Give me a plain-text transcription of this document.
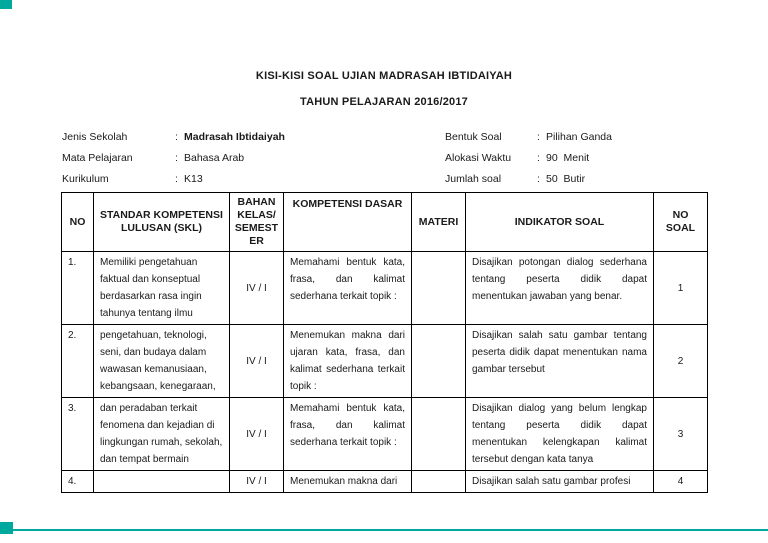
KISI-KISI SOAL UJIAN MADRASAH IBTIDAIYAH
TAHUN PELAJARAN 2016/2017
Jenis Sekolah	: Madrasah Ibtidaiyah
Mata Pelajaran	: Bahasa Arab
Kurikulum	: K13
Bentuk Soal	: Pilihan Ganda
Alokasi Waktu : 90  Menit
Jumlah soal	: 50  Butir
NO	STANDAR KOMPETENSI LULUSAN (SKL)	BAHAN KELAS/ SEMEST ER	KOMPETENSI DASAR	MATERI	INDIKATOR SOAL	NO SOAL
1.	Memiliki pengetahuan faktual dan konseptual berdasarkan rasa ingin tahunya tentang ilmu	IV / I	Memahami bentuk kata, frasa, dan kalimat sederhana terkait topik :		Disajikan potongan dialog sederhana tentang peserta didik dapat menentukan jawaban yang benar.	1
2.	pengetahuan, teknologi, seni, dan budaya dalam wawasan kemanusiaan, kebangsaan, kenegaraan,	IV / I	Menemukan makna dari ujaran kata, frasa, dan kalimat sederhana terkait topik :		Disajikan salah satu gambar tentang peserta didik dapat menentukan nama gambar tersebut	2
3.	dan peradaban terkait fenomena dan kejadian di lingkungan rumah, sekolah, dan tempat bermain	IV / I	Memahami bentuk kata, frasa, dan kalimat sederhana terkait topik :		Disajikan dialog yang belum lengkap tentang peserta didik dapat menentukan kelengkapan kalimat tersebut dengan kata tanya	3
4.		IV / I	Menemukan makna dari		Disajikan salah satu gambar profesi	4
